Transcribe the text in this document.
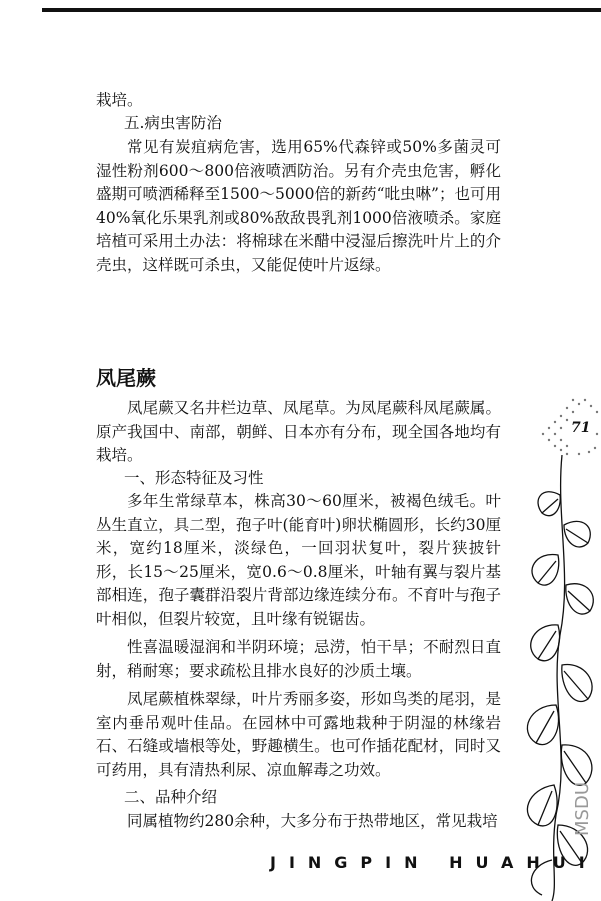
栽培。

五.病虫害防治

常见有炭疽病危害，选用65%代森锌或50%多菌灵可湿性粉剂600～800倍液喷洒防治。另有介壳虫危害，孵化盛期可喷洒稀释至1500～5000倍的新药“吡虫啉”；也可用40%氧化乐果乳剂或80%敌敌畏乳剂1000倍液喷杀。家庭培植可采用土办法：将棉球在米醋中浸湿后擦洗叶片上的介壳虫，这样既可杀虫，又能促使叶片返绿。

凤尾蕨

凤尾蕨又名井栏边草、凤尾草。为凤尾蕨科凤尾蕨属。原产我国中、南部，朝鲜、日本亦有分布，现全国各地均有栽培。

一、形态特征及习性

多年生常绿草本，株高30～60厘米，被褐色绒毛。叶丛生直立，具二型，孢子叶(能育叶)卵状椭圆形，长约30厘米，宽约18厘米，淡绿色，一回羽状复叶，裂片狭披针形，长15～25厘米，宽0.6～0.8厘米，叶轴有翼与裂片基部相连，孢子囊群沿裂片背部边缘连续分布。不育叶与孢子叶相似，但裂片较宽，且叶缘有锐锯齿。

性喜温暖湿润和半阴环境；忌涝，怕干旱；不耐烈日直射，稍耐寒；要求疏松且排水良好的沙质土壤。

凤尾蕨植株翠绿，叶片秀丽多姿，形如鸟类的尾羽，是室内垂吊观叶佳品。在园林中可露地栽种于阴湿的林缘岩石、石缝或墙根等处，野趣横生。也可作插花配材，同时又可药用，具有清热利尿、凉血解毒之功效。

二、品种介绍

同属植物约280余种，大多分布于热带地区，常见栽培

71
JINGPIN HUAHUI
MSDU
